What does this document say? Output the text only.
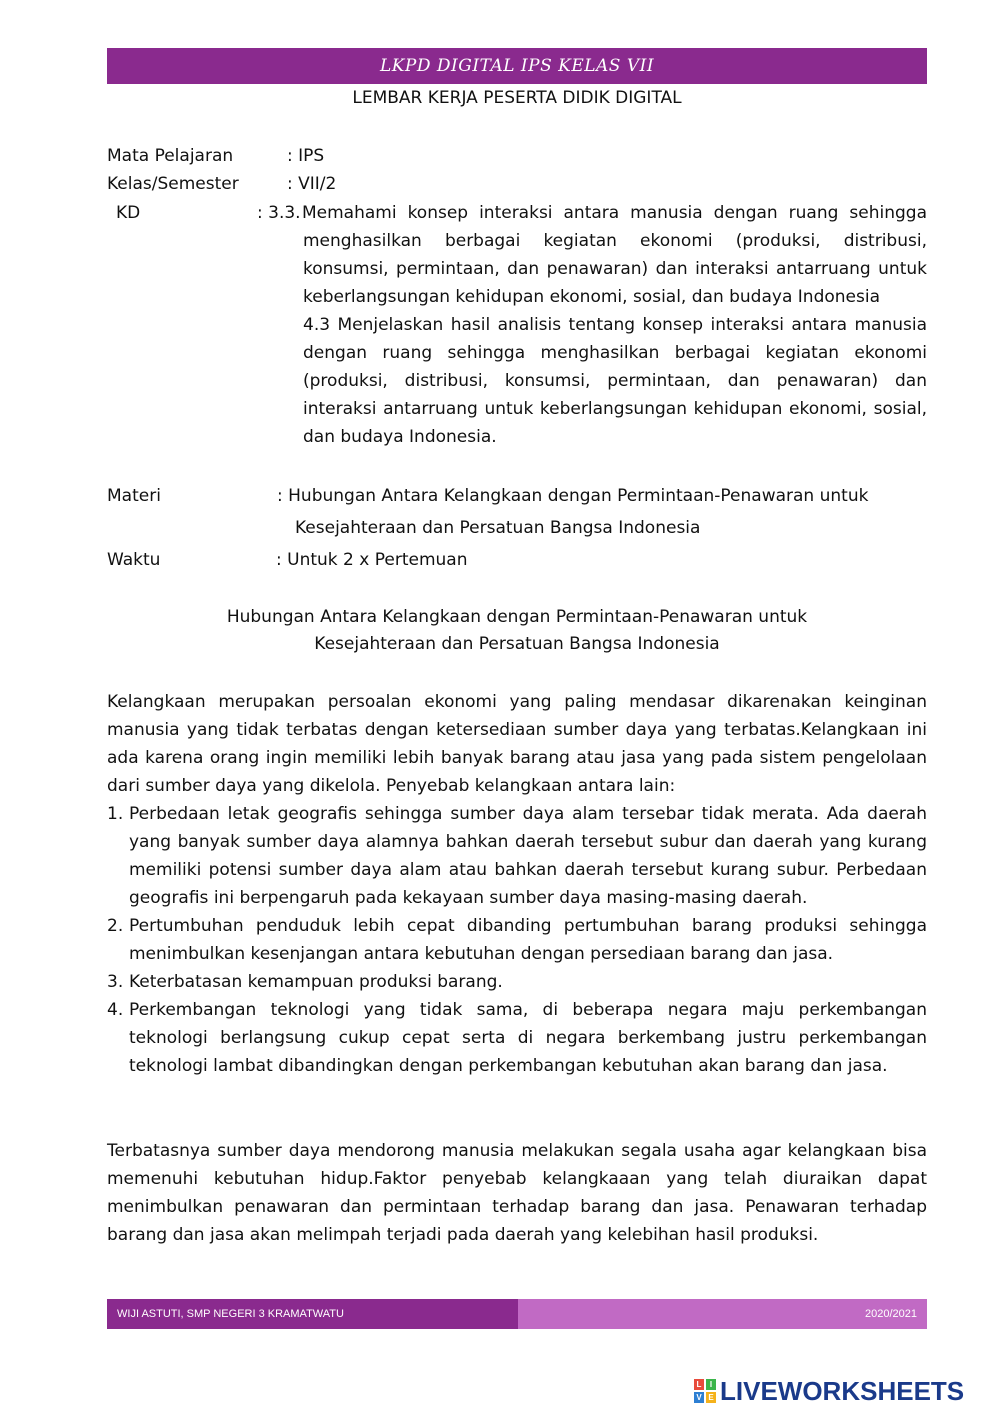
LKPD DIGITAL IPS KELAS VII
LEMBAR KERJA PESERTA DIDIK DIGITAL
Mata Pelajaran	: IPS
Kelas/Semester	: VII/2
KD	: 3.3. Memahami konsep interaksi antara manusia dengan ruang sehingga menghasilkan berbagai kegiatan ekonomi (produksi, distribusi, konsumsi, permintaan, dan penawaran) dan interaksi antarruang untuk keberlangsungan kehidupan ekonomi, sosial, dan budaya Indonesia

4.3 Menjelaskan hasil analisis tentang konsep interaksi antara manusia dengan ruang sehingga menghasilkan berbagai kegiatan ekonomi (produksi, distribusi, konsumsi, permintaan, dan penawaran) dan interaksi antarruang untuk keberlangsungan kehidupan ekonomi, sosial, dan budaya Indonesia.

Materi	: Hubungan Antara Kelangkaan dengan Permintaan-Penawaran untuk
Kesejahteraan dan Persatuan Bangsa Indonesia
Waktu	: Untuk 2 x Pertemuan
Hubungan Antara Kelangkaan dengan Permintaan-Penawaran untuk
Kesejahteraan dan Persatuan Bangsa Indonesia

Kelangkaan merupakan persoalan ekonomi yang paling mendasar dikarenakan keinginan manusia yang tidak terbatas dengan ketersediaan sumber daya yang terbatas.Kelangkaan ini ada karena orang ingin memiliki lebih banyak barang atau jasa yang pada sistem pengelolaan dari sumber daya yang dikelola. Penyebab kelangkaan antara lain:

1. Perbedaan letak geografis sehingga sumber daya alam tersebar tidak merata. Ada daerah yang banyak sumber daya alamnya bahkan daerah tersebut subur dan daerah yang kurang memiliki potensi sumber daya alam atau bahkan daerah tersebut kurang subur. Perbedaan geografis ini berpengaruh pada kekayaan sumber daya masing-masing daerah.
2. Pertumbuhan penduduk lebih cepat dibanding pertumbuhan barang produksi sehingga menimbulkan kesenjangan antara kebutuhan dengan persediaan barang dan jasa.
3. Keterbatasan kemampuan produksi barang.
4. Perkembangan teknologi yang tidak sama, di beberapa negara maju perkembangan teknologi berlangsung cukup cepat serta di negara berkembang justru perkembangan teknologi lambat dibandingkan dengan perkembangan kebutuhan akan barang dan jasa.

Terbatasnya sumber daya mendorong manusia melakukan segala usaha agar kelangkaan bisa memenuhi kebutuhan hidup.Faktor penyebab kelangkaaan yang telah diuraikan dapat menimbulkan penawaran dan permintaan terhadap barang dan jasa. Penawaran terhadap barang dan jasa akan melimpah terjadi pada daerah yang kelebihan hasil produksi.

WIJI ASTUTI, SMP NEGERI 3 KRAMATWATU	2020/2021
L	I
V E LIVEWORKSHEETS
